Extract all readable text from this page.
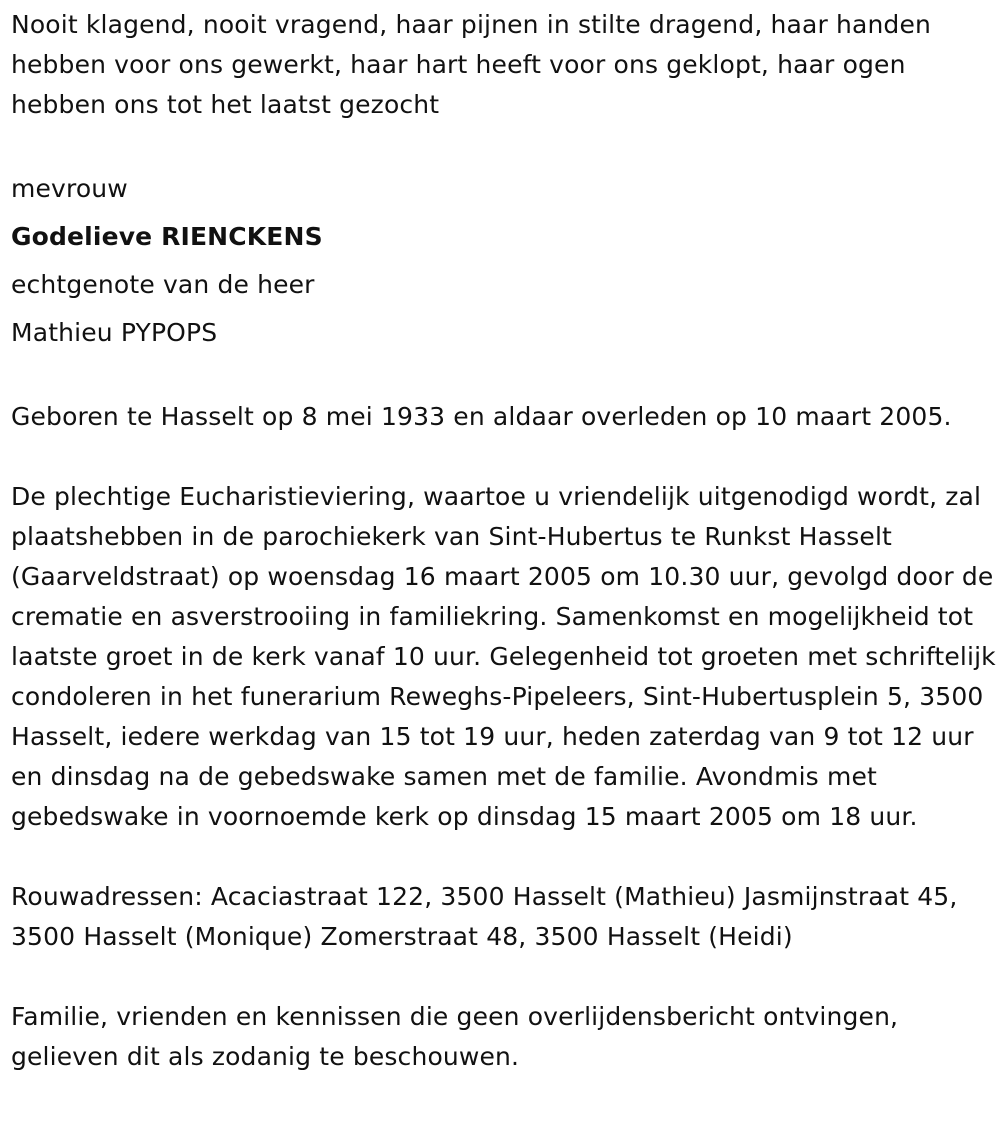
Nooit klagend, nooit vragend, haar pijnen in stilte dragend, haar handen hebben voor ons gewerkt, haar hart heeft voor ons geklopt, haar ogen hebben ons tot het laatst gezocht

mevrouw

Godelieve RIENCKENS

echtgenote van de heer

Mathieu PYPOPS

Geboren te Hasselt op 8 mei 1933 en aldaar overleden op 10 maart 2005.

De plechtige Eucharistieviering, waartoe u vriendelijk uitgenodigd wordt, zal plaatshebben in de parochiekerk van Sint-Hubertus te Runkst Hasselt (Gaarveldstraat) op woensdag 16 maart 2005 om 10.30 uur, gevolgd door de crematie en asverstrooiing in familiekring. Samenkomst en mogelijkheid tot laatste groet in de kerk vanaf 10 uur. Gelegenheid tot groeten met schriftelijk condoleren in het funerarium Reweghs-Pipeleers, Sint-Hubertusplein 5, 3500 Hasselt, iedere werkdag van 15 tot 19 uur, heden zaterdag van 9 tot 12 uur en dinsdag na de gebedswake samen met de familie. Avondmis met gebedswake in voornoemde kerk op dinsdag 15 maart 2005 om 18 uur.

Rouwadressen: Acaciastraat 122, 3500 Hasselt (Mathieu) Jasmijnstraat 45, 3500 Hasselt (Monique) Zomerstraat 48, 3500 Hasselt (Heidi)

Familie, vrienden en kennissen die geen overlijdensbericht ontvingen, gelieven dit als zodanig te beschouwen.
